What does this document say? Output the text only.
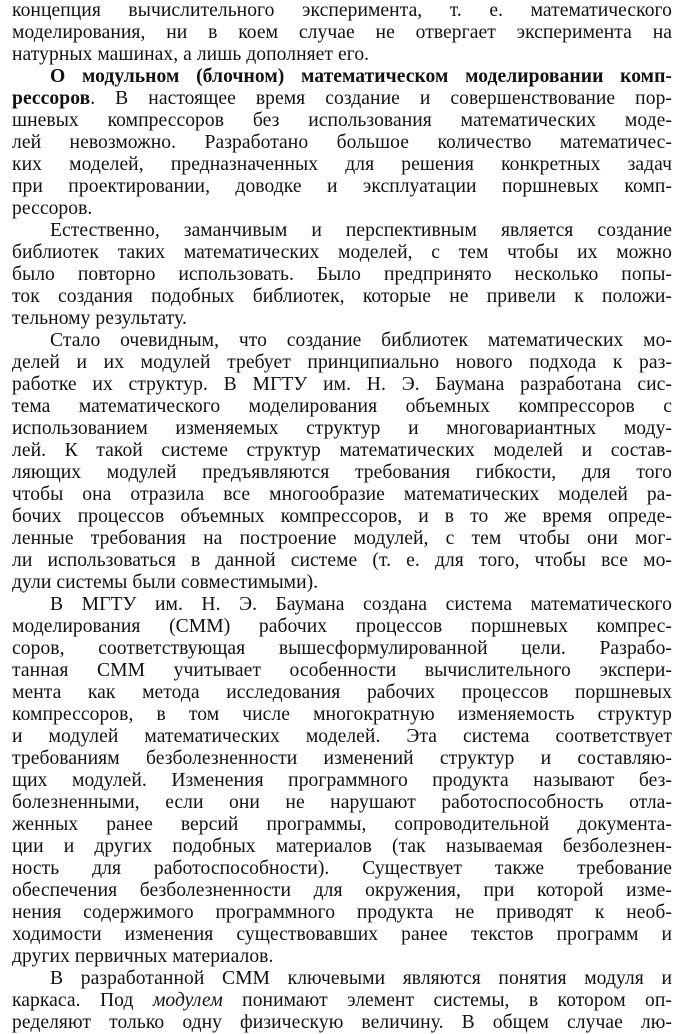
концепция вычислительного эксперимента, т. е. математического
моделирования, ни в коем случае не отвергает эксперимента на
натурных машинах, а лишь дополняет его.
О модульном (блочном) математическом моделировании комп-
рессоров. В настоящее время создание и совершенствование пор-
шневых компрессоров без использования математических моде-
лей невозможно. Разработано большое количество математичес-
ких моделей, предназначенных для решения конкретных задач
при проектировании, доводке и эксплуатации поршневых комп-
рессоров.
Естественно, заманчивым и перспективным является создание
библиотек таких математических моделей, с тем чтобы их можно
было повторно использовать. Было предпринято несколько попы-
ток создания подобных библиотек, которые не привели к положи-
тельному результату.
Стало очевидным, что создание библиотек математических мо-
делей и их модулей требует принципиально нового подхода к раз-
работке их структур. В МГТУ им. Н. Э. Баумана разработана сис-
тема математического моделирования объемных компрессоров с
использованием изменяемых структур и многовариантных моду-
лей. К такой системе структур математических моделей и состав-
ляющих модулей предъявляются требования гибкости, для того
чтобы она отразила все многообразие математических моделей ра-
бочих процессов объемных компрессоров, и в то же время опреде-
ленные требования на построение модулей, с тем чтобы они мог-
ли использоваться в данной системе (т. е. для того, чтобы все мо-
дули системы были совместимыми).
В МГТУ им. Н. Э. Баумана создана система математического
моделирования (СММ) рабочих процессов поршневых компрес-
соров, соответствующая вышесформулированной цели. Разрабо-
танная СММ учитывает особенности вычислительного экспери-
мента как метода исследования рабочих процессов поршневых
компрессоров, в том числе многократную изменяемость структур
и модулей математических моделей. Эта система соответствует
требованиям безболезненности изменений структур и составляю-
щих модулей. Изменения программного продукта называют без-
болезненными, если они не нарушают работоспособность отла-
женных ранее версий программы, сопроводительной документа-
ции и других подобных материалов (так называемая безболезнен-
ность для работоспособности). Существует также требование
обеспечения безболезненности для окружения, при которой изме-
нения содержимого программного продукта не приводят к необ-
ходимости изменения существовавших ранее текстов программ и
других первичных материалов.
В разработанной СММ ключевыми являются понятия модуля и
каркаса. Под модулем понимают элемент системы, в котором оп-
ределяют только одну физическую величину. В общем случае лю-
